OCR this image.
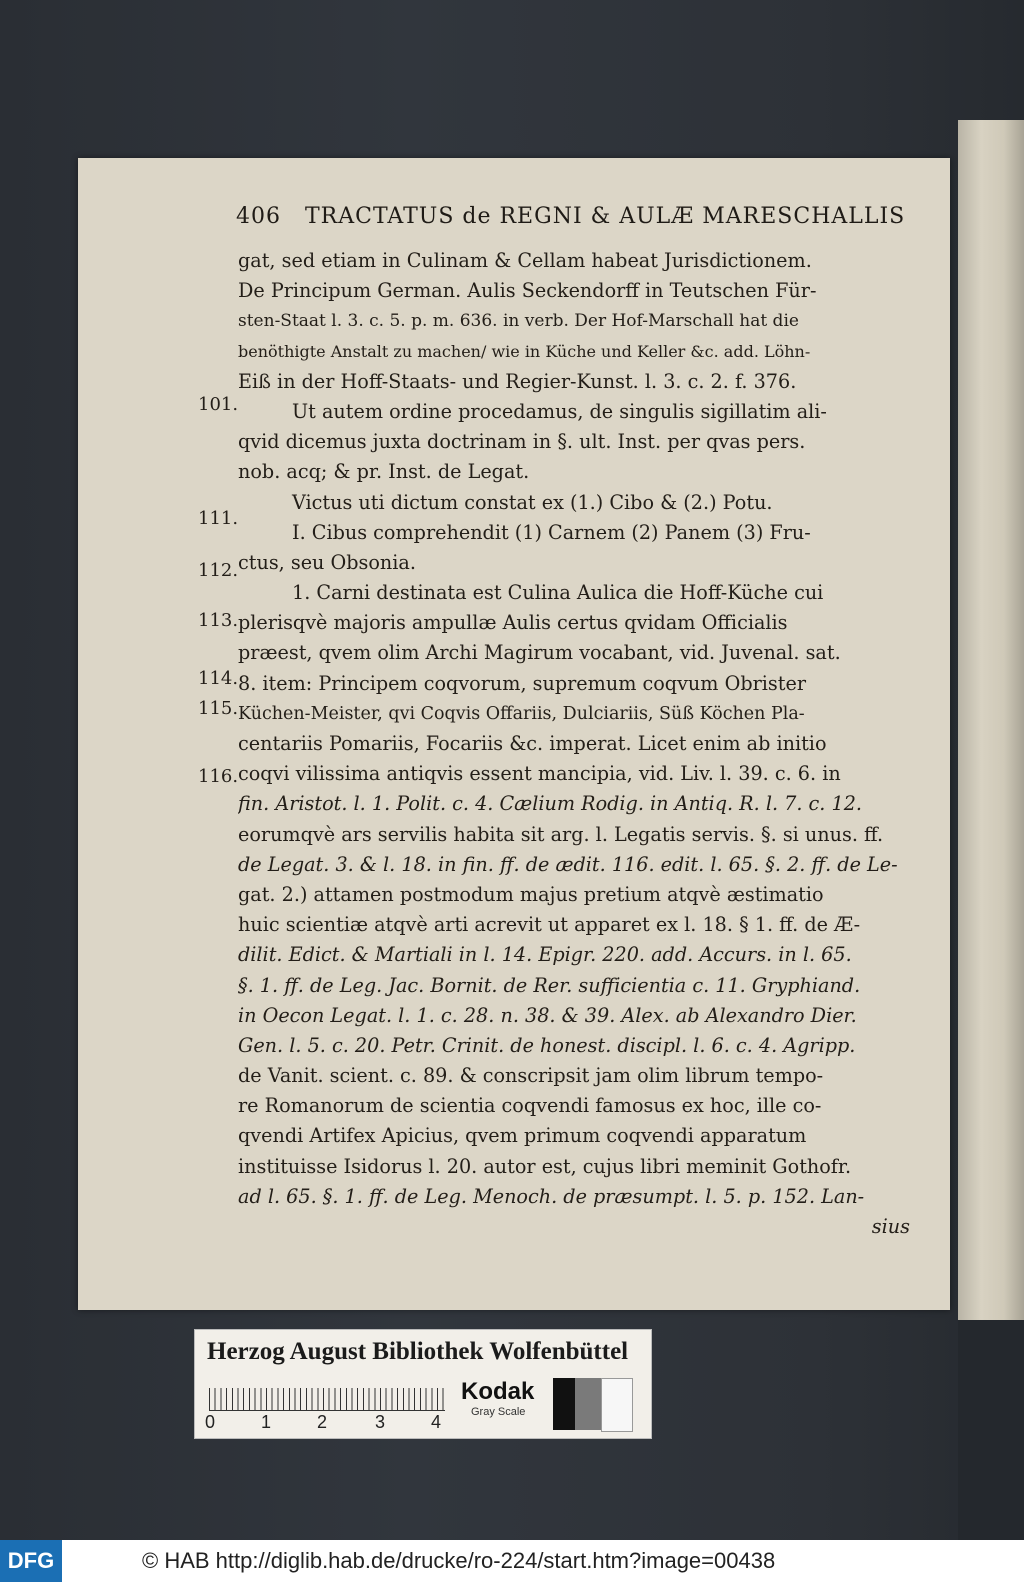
406 TRACTATUS de REGNI & AULÆ MARESCHALLIS
101.
111.
112.
113.
114.
115.
116.
gat, sed etiam in Culinam & Cellam habeat Jurisdictionem.
De Principum German. Aulis Seckendorff in Teutschen Für-
sten-Staat l. 3. c. 5. p. m. 636. in verb. Der Hof-Marschall hat die
benöthigte Anstalt zu machen/ wie in Küche und Keller &c. add. Löhn-
Eiß in der Hoff-Staats- und Regier-Kunst. l. 3. c. 2. f. 376.
Ut autem ordine procedamus, de singulis sigillatim ali-
qvid dicemus juxta doctrinam in §. ult. Inst. per qvas pers.
nob. acq; & pr. Inst. de Legat.
Victus uti dictum constat ex (1.) Cibo & (2.) Potu.
I. Cibus comprehendit (1) Carnem (2) Panem (3) Fru-
ctus, seu Obsonia.
1. Carni destinata est Culina Aulica die Hoff-Küche cui
plerisqvè majoris ampullæ Aulis certus qvidam Officialis
præest, qvem olim Archi Magirum vocabant, vid. Juvenal. sat.
8. item: Principem coqvorum, supremum coqvum Obrister
Küchen-Meister, qvi Coqvis Offariis, Dulciariis, Süß Köchen Pla-
centariis Pomariis, Focariis &c. imperat. Licet enim ab initio
coqvi vilissima antiqvis essent mancipia, vid. Liv. l. 39. c. 6. in
fin. Aristot. l. 1. Polit. c. 4. Cælium Rodig. in Antiq. R. l. 7. c. 12.
eorumqvè ars servilis habita sit arg. l. Legatis servis. §. si unus. ff.
de Legat. 3. & l. 18. in fin. ff. de ædit. 116. edit. l. 65. §. 2. ff. de Le-
gat. 2.) attamen postmodum majus pretium atqvè æstimatio
huic scientiæ atqvè arti acrevit ut apparet ex l. 18. § 1. ff. de Æ-
dilit. Edict. & Martiali in l. 14. Epigr. 220. add. Accurs. in l. 65.
§. 1. ff. de Leg. Jac. Bornit. de Rer. sufficientia c. 11. Gryphiand.
in Oecon Legat. l. 1. c. 28. n. 38. & 39. Alex. ab Alexandro Dier.
Gen. l. 5. c. 20. Petr. Crinit. de honest. discipl. l. 6. c. 4. Agripp.
de Vanit. scient. c. 89. & conscripsit jam olim librum tempo-
re Romanorum de scientia coqvendi famosus ex hoc, ille co-
qvendi Artifex Apicius, qvem primum coqvendi apparatum
instituisse Isidorus l. 20. autor est, cujus libri meminit Gothofr.
ad l. 65. §. 1. ff. de Leg. Menoch. de præsumpt. l. 5. p. 152. Lan-
sius
Herzog August Bibliothek Wolfenbüttel
0	1	2	3	4
Kodak
Gray Scale
DFG	© HAB http://diglib.hab.de/drucke/ro-224/start.htm?image=00438
